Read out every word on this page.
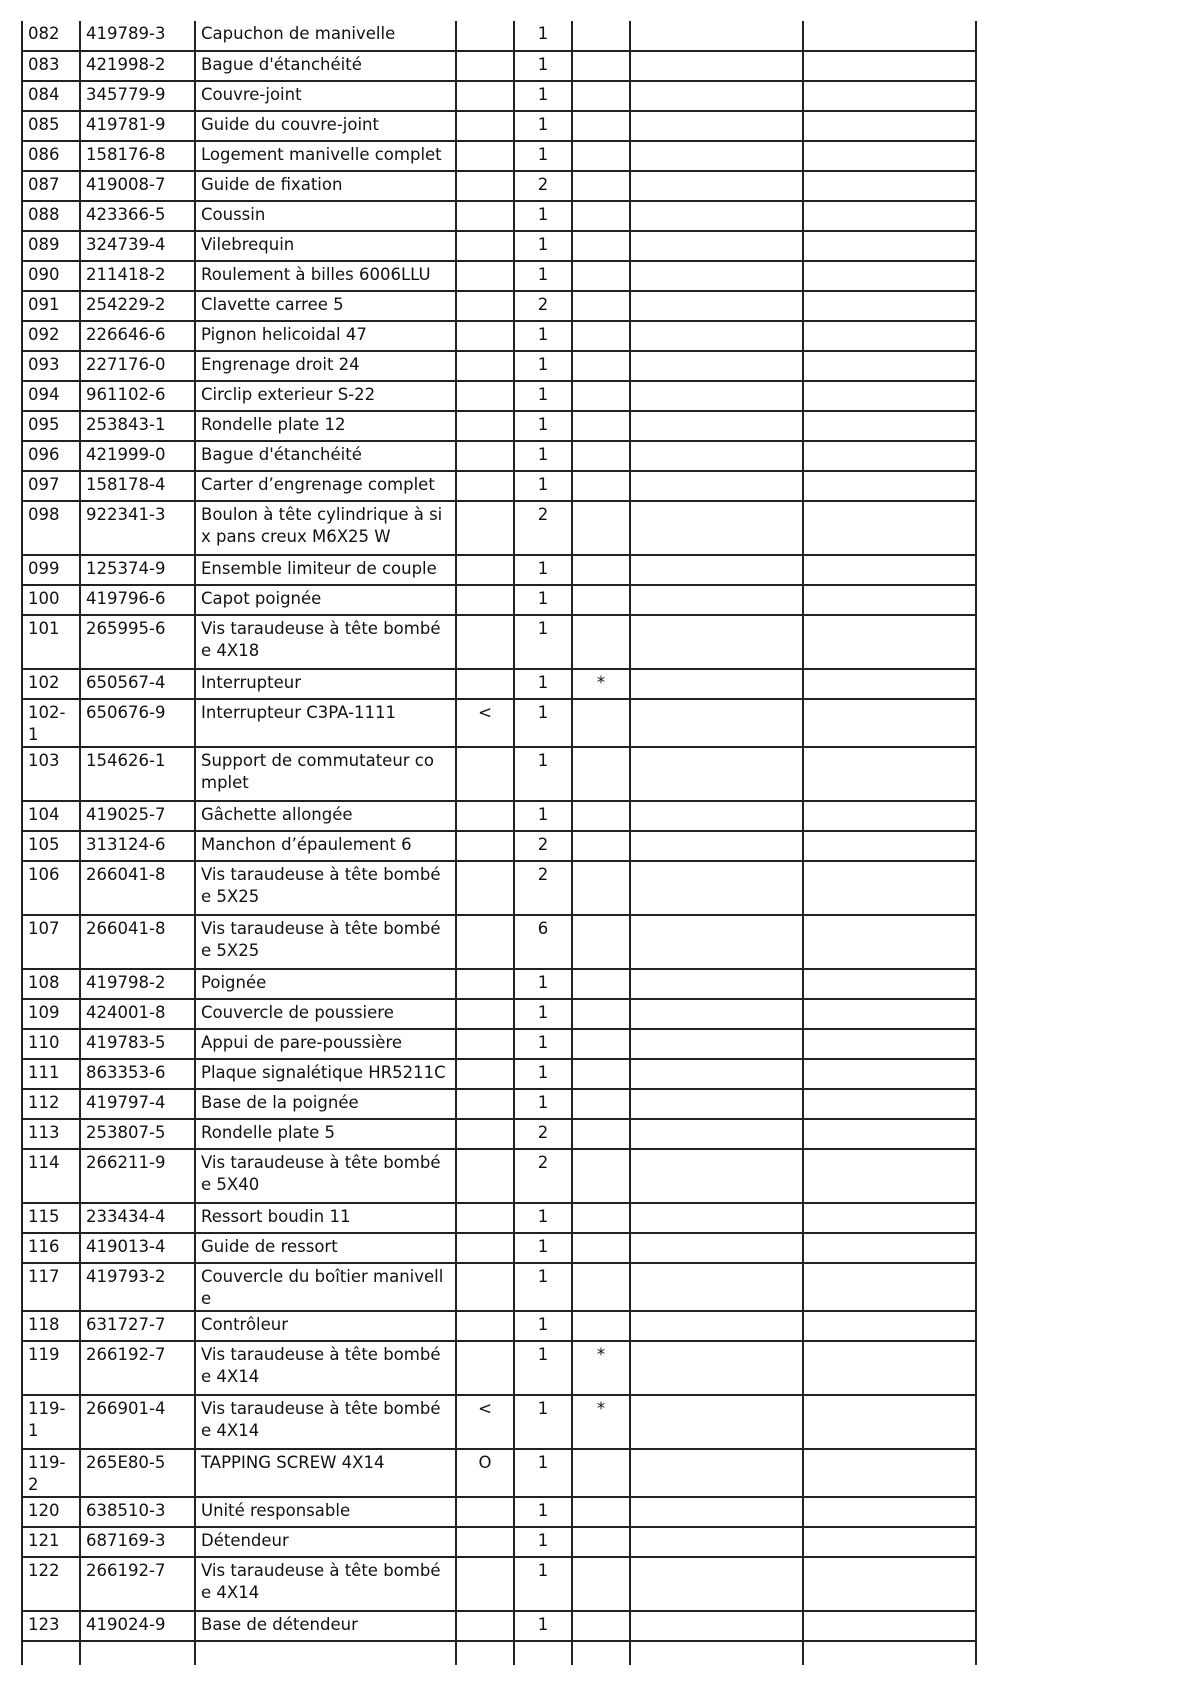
082	419789-3	Capuchon de manivelle		1			
083	421998-2	Bague d'étanchéité		1			
084	345779-9	Couvre-joint		1			
085	419781-9	Guide du couvre-joint		1			
086	158176-8	Logement manivelle complet		1			
087	419008-7	Guide de fixation		2			
088	423366-5	Coussin		1			
089	324739-4	Vilebrequin		1			
090	211418-2	Roulement à billes 6006LLU		1			
091	254229-2	Clavette carree 5		2			
092	226646-6	Pignon helicoidal 47		1			
093	227176-0	Engrenage droit 24		1			
094	961102-6	Circlip exterieur S-22		1			
095	253843-1	Rondelle plate 12		1			
096	421999-0	Bague d'étanchéité		1			
097	158178-4	Carter d’engrenage complet		1			
098	922341-3	Boulon à tête cylindrique à six pans creux M6X25 W		2			
099	125374-9	Ensemble limiteur de couple		1			
100	419796-6	Capot poignée		1			
101	265995-6	Vis taraudeuse à tête bombée 4X18		1			
102	650567-4	Interrupteur		1	*		
102-1	650676-9	Interrupteur C3PA-1111	<	1			
103	154626-1	Support de commutateur complet		1			
104	419025-7	Gâchette allongée		1			
105	313124-6	Manchon d’épaulement 6		2			
106	266041-8	Vis taraudeuse à tête bombée 5X25		2			
107	266041-8	Vis taraudeuse à tête bombée 5X25		6			
108	419798-2	Poignée		1			
109	424001-8	Couvercle de poussiere		1			
110	419783-5	Appui de pare-poussière		1			
111	863353-6	Plaque signalétique HR5211C		1			
112	419797-4	Base de la poignée		1			
113	253807-5	Rondelle plate 5		2			
114	266211-9	Vis taraudeuse à tête bombée 5X40		2			
115	233434-4	Ressort boudin 11		1			
116	419013-4	Guide de ressort		1			
117	419793-2	Couvercle du boîtier manivelle		1			
118	631727-7	Contrôleur		1			
119	266192-7	Vis taraudeuse à tête bombée 4X14		1	*		
119-1	266901-4	Vis taraudeuse à tête bombée 4X14	<	1	*		
119-2	265E80-5	TAPPING SCREW 4X14	O	1			
120	638510-3	Unité responsable		1			
121	687169-3	Détendeur		1			
122	266192-7	Vis taraudeuse à tête bombée 4X14		1			
123	419024-9	Base de détendeur		1			
